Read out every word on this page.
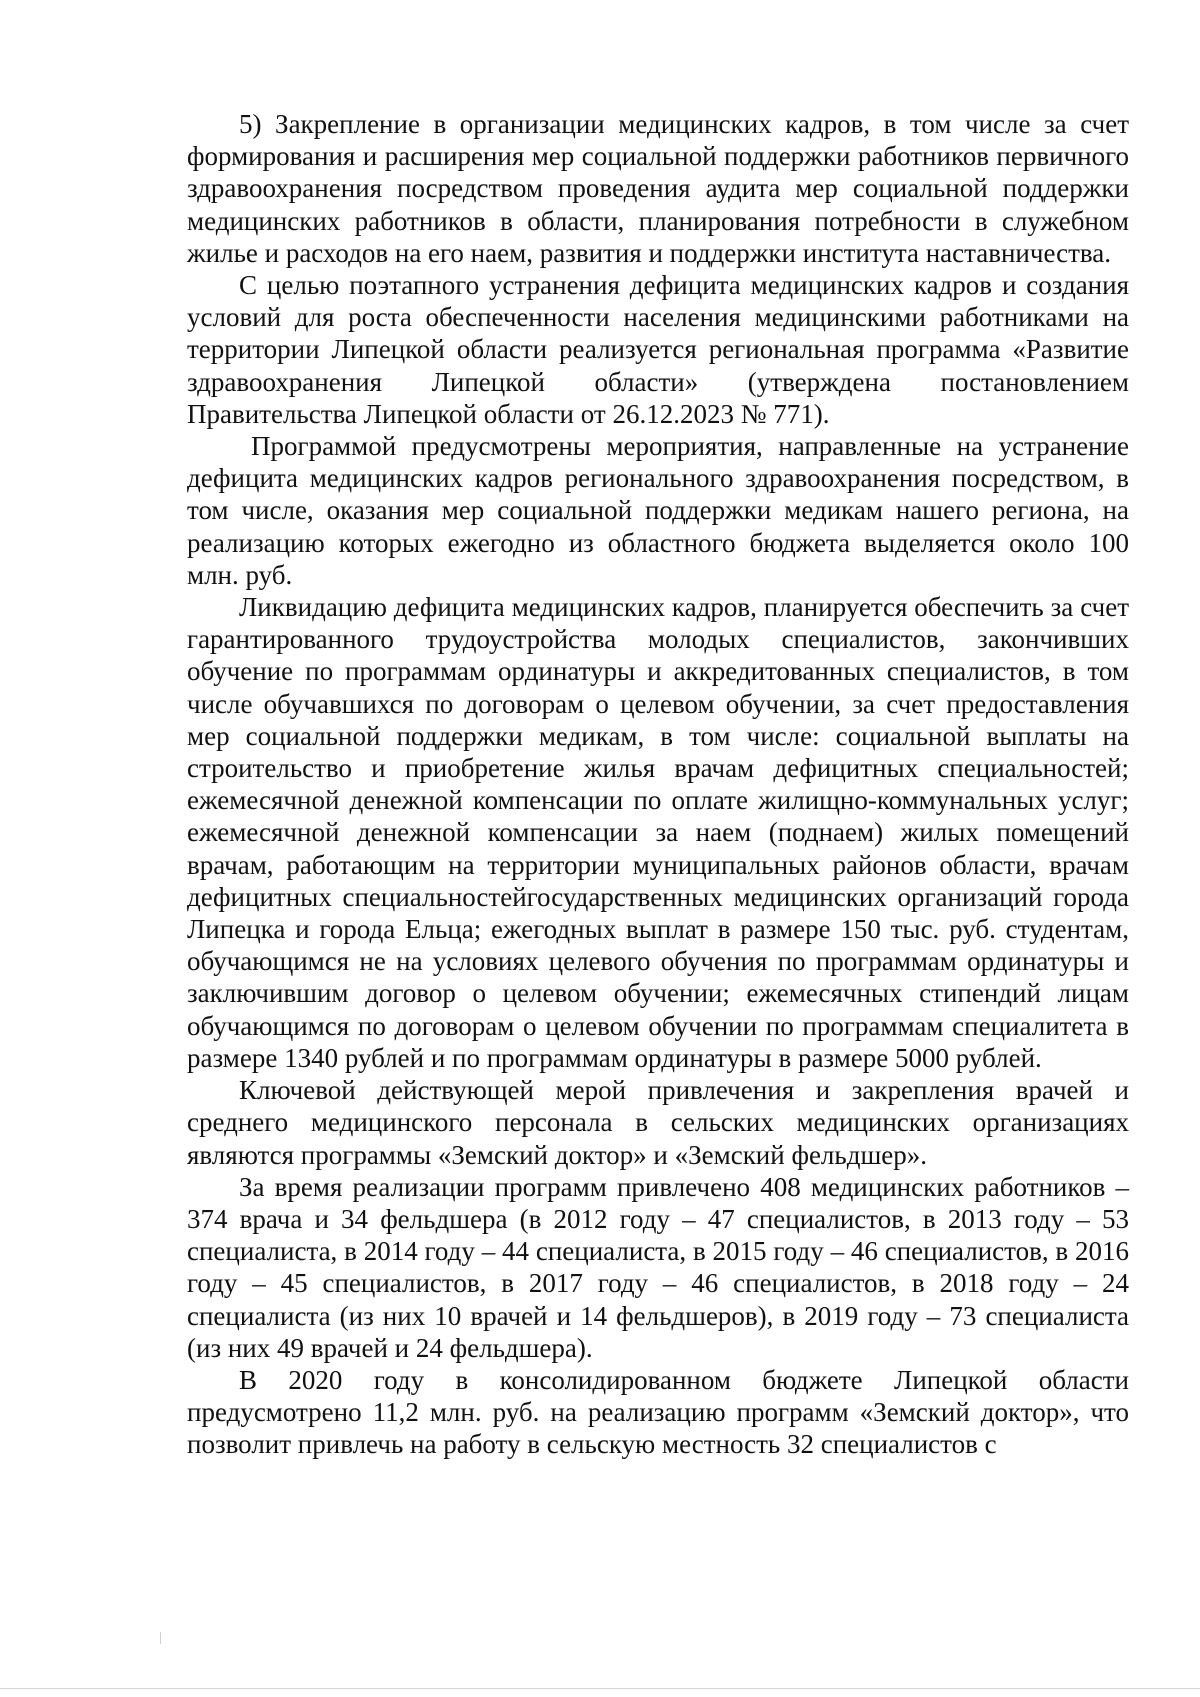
5) Закрепление в организации медицинских кадров, в том числе за счет формирования и расширения мер социальной поддержки работников первичного здравоохранения посредством проведения аудита мер социальной поддержки медицинских работников в области, планирования потребности в служебном жилье и расходов на его наем, развития и поддержки института наставничества.

С целью поэтапного устранения дефицита медицинских кадров и создания условий для роста обеспеченности населения медицинскими работниками на территории Липецкой области реализуется региональная программа «Развитие здравоохранения Липецкой области» (утверждена постановлением Правительства Липецкой области от 26.12.2023 № 771).

Программой предусмотрены мероприятия, направленные на устранение дефицита медицинских кадров регионального здравоохранения посредством, в том числе, оказания мер социальной поддержки медикам нашего региона, на реализацию которых ежегодно из областного бюджета выделяется около 100 млн. руб.

Ликвидацию дефицита медицинских кадров, планируется обеспечить за счет гарантированного трудоустройства молодых специалистов, закончивших обучение по программам ординатуры и аккредитованных специалистов, в том числе обучавшихся по договорам о целевом обучении, за счет предоставления мер социальной поддержки медикам, в том числе: социальной выплаты на строительство и приобретение жилья врачам дефицитных специальностей; ежемесячной денежной компенсации по оплате жилищно-коммунальных услуг; ежемесячной денежной компенсации за наем (поднаем) жилых помещений врачам, работающим на территории муниципальных районов области, врачам дефицитных специальностейгосударственных медицинских организаций города Липецка и города Ельца; ежегодных выплат в размере 150 тыс. руб. студентам, обучающимся не на условиях целевого обучения по программам ординатуры и заключившим договор о целевом обучении; ежемесячных стипендий лицам обучающимся по договорам о целевом обучении по программам специалитета в размере 1340 рублей и по программам ординатуры в размере 5000 рублей.

Ключевой действующей мерой привлечения и закрепления врачей и среднего медицинского персонала в сельских медицинских организациях являются программы «Земский доктор» и «Земский фельдшер».

За время реализации программ привлечено 408 медицинских работников – 374 врача и 34 фельдшера (в 2012 году – 47 специалистов, в 2013 году – 53 специалиста, в 2014 году – 44 специалиста, в 2015 году – 46 специалистов, в 2016 году – 45 специалистов, в 2017 году – 46 специалистов, в 2018 году – 24 специалиста (из них 10 врачей и 14 фельдшеров), в 2019 году – 73 специалиста (из них 49 врачей и 24 фельдшера).

В 2020 году в консолидированном бюджете Липецкой области предусмотрено 11,2 млн. руб. на реализацию программ «Земский доктор», что позволит привлечь на работу в сельскую местность 32 специалистов с
